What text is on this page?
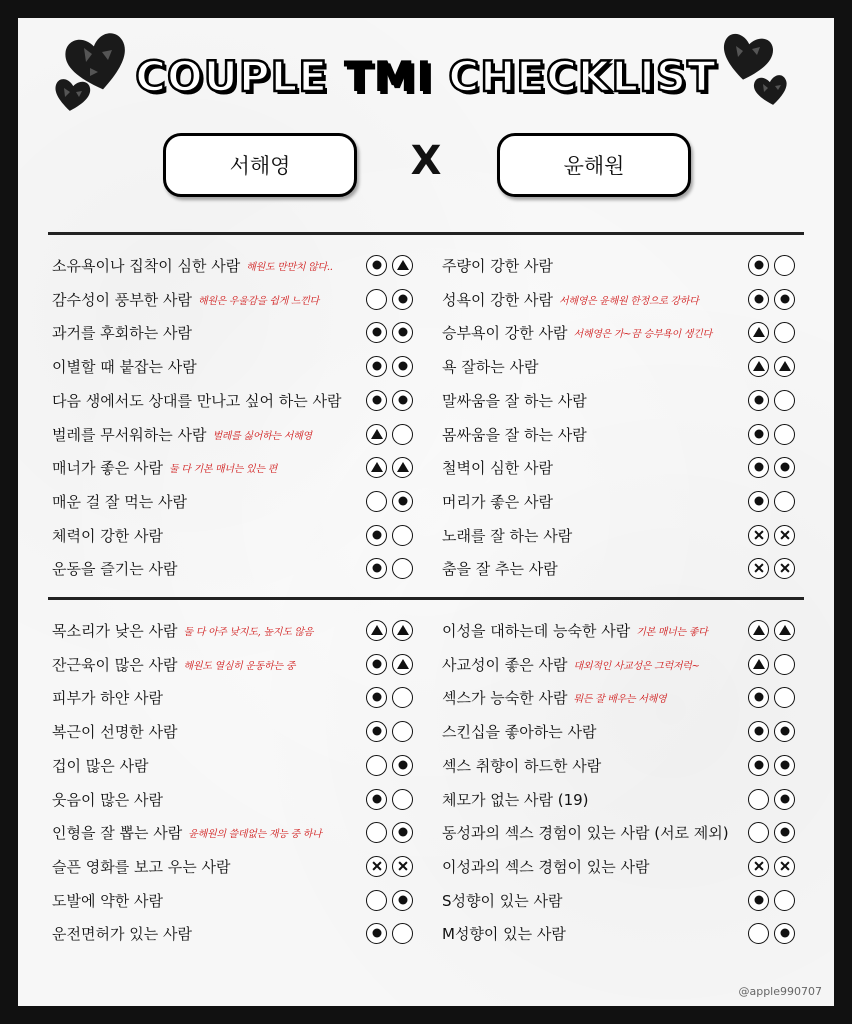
COUPLE TMI CHECKLIST
서해영	X	윤해원
소유욕이나 집착이 심한 사람 해원도 만만치 않다..
감수성이 풍부한 사람 해원은 우울감을 쉽게 느낀다
과거를 후회하는 사람
이별할 때 붙잡는 사람
다음 생에서도 상대를 만나고 싶어 하는 사람
벌레를 무서워하는 사람 벌레를 싫어하는 서해영
매너가 좋은 사람 둘 다 기본 매너는 있는 편
매운 걸 잘 먹는 사람
체력이 강한 사람
운동을 즐기는 사람
주량이 강한 사람
성욕이 강한 사람 서해영은 윤해원 한정으로 강하다
승부욕이 강한 사람 서해영은 가~끔 승부욕이 생긴다
욕 잘하는 사람
말싸움을 잘 하는 사람
몸싸움을 잘 하는 사람
철벽이 심한 사람
머리가 좋은 사람
노래를 잘 하는 사람
춤을 잘 추는 사람
목소리가 낮은 사람 둘 다 아주 낮지도, 높지도 않음
잔근육이 많은 사람 해원도 열심히 운동하는 중
피부가 하얀 사람
복근이 선명한 사람
겁이 많은 사람
웃음이 많은 사람
인형을 잘 뽑는 사람 윤해원의 쓸데없는 재능 중 하나
슬픈 영화를 보고 우는 사람
도발에 약한 사람
운전면허가 있는 사람
이성을 대하는데 능숙한 사람 기본 매너는 좋다
사교성이 좋은 사람 대외적인 사교성은 그럭저럭~
섹스가 능숙한 사람 뭐든 잘 배우는 서해영
스킨십을 좋아하는 사람
섹스 취향이 하드한 사람
체모가 없는 사람 (19)
동성과의 섹스 경험이 있는 사람 (서로 제외)
이성과의 섹스 경험이 있는 사람
S성향이 있는 사람
M성향이 있는 사람
@apple990707
